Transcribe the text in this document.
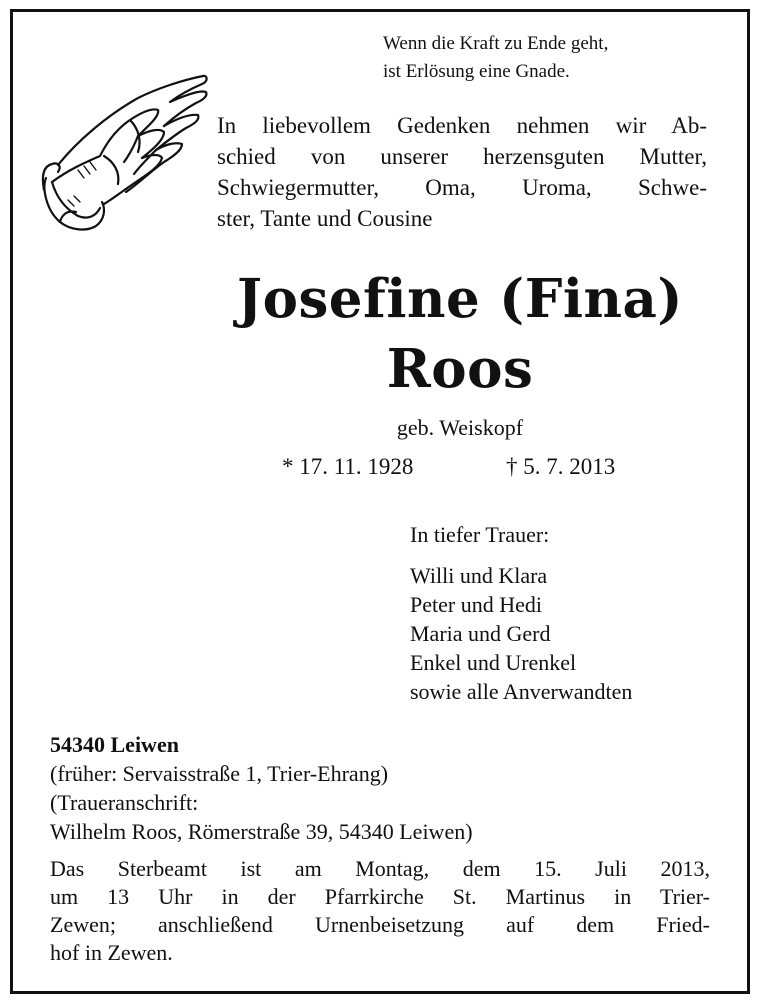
Wenn die Kraft zu Ende geht,
ist Erlösung eine Gnade.
In liebevollem Gedenken nehmen wir Ab-
schied von unserer herzensguten Mutter,
Schwiegermutter, Oma, Uroma, Schwe-
ster, Tante und Cousine
Josefine (Fina)
Roos
geb. Weiskopf
* 17. 11. 1928	† 5. 7. 2013
In tiefer Trauer:
Willi und Klara
Peter und Hedi
Maria und Gerd
Enkel und Urenkel
sowie alle Anverwandten
54340 Leiwen
(früher: Servaisstraße 1, Trier-Ehrang)
(Traueranschrift:
Wilhelm Roos, Römerstraße 39, 54340 Leiwen)
Das Sterbeamt ist am Montag, dem 15. Juli 2013,
um 13 Uhr in der Pfarrkirche St. Martinus in Trier-
Zewen; anschließend Urnenbeisetzung auf dem Fried-
hof in Zewen.
